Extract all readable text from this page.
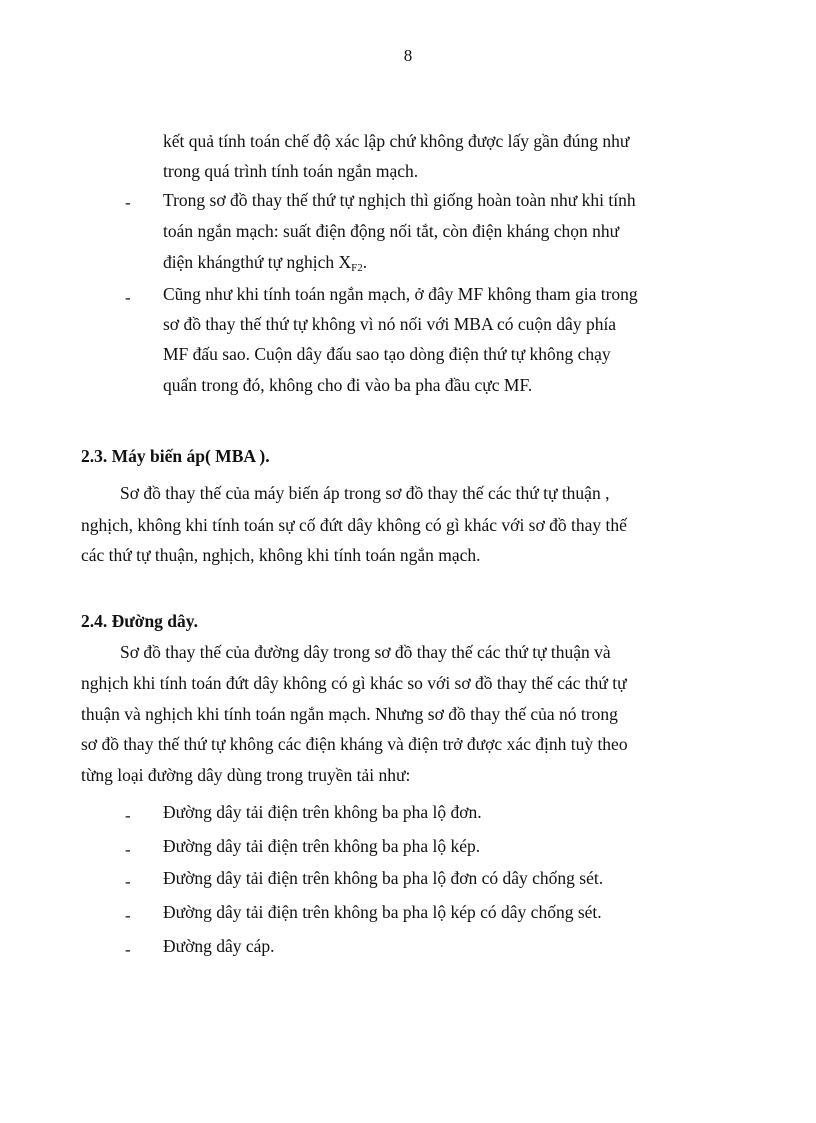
8
kết quả tính toán chế độ xác lập chứ không được lấy gần đúng như
trong quá trình tính toán ngắn mạch.
- Trong sơ đồ thay thế thứ tự nghịch thì giống hoàn toàn như khi tính
toán ngắn mạch: suất điện động nối tắt, còn điện kháng chọn như
điện khángthứ tự nghịch $X_{F2}$.
- Cũng như khi tính toán ngắn mạch, ở đây MF không tham gia trong
sơ đồ thay thế thứ tự không vì nó nối với MBA có cuộn dây phía
MF đấu sao. Cuộn dây đấu sao tạo dòng điện thứ tự không chạy
quẩn trong đó, không cho đi vào ba pha đầu cực MF.
2.3. Máy biến áp( MBA ).
Sơ đồ thay thế của máy biến áp trong sơ đồ thay thế các thứ tự thuận ,
nghịch, không khi tính toán sự cố đứt dây không có gì khác với sơ đồ thay thế
các thứ tự thuận, nghịch, không khi tính toán ngắn mạch.
2.4. Đường dây.
Sơ đồ thay thế của đường dây trong sơ đồ thay thế các thứ tự thuận và
nghịch khi tính toán đứt dây không có gì khác so với sơ đồ thay thế các thứ tự
thuận và nghịch khi tính toán ngắn mạch. Nhưng sơ đồ thay thế của nó trong
sơ đồ thay thế thứ tự không các điện kháng và điện trở được xác định tuỳ theo
từng loại đường dây dùng trong truyền tải như:
- Đường dây tải điện trên không ba pha lộ đơn.
- Đường dây tải điện trên không ba pha lộ kép.
- Đường dây tải điện trên không ba pha lộ đơn có dây chống sét.
- Đường dây tải điện trên không ba pha lộ kép có dây chống sét.
- Đường dây cáp.
